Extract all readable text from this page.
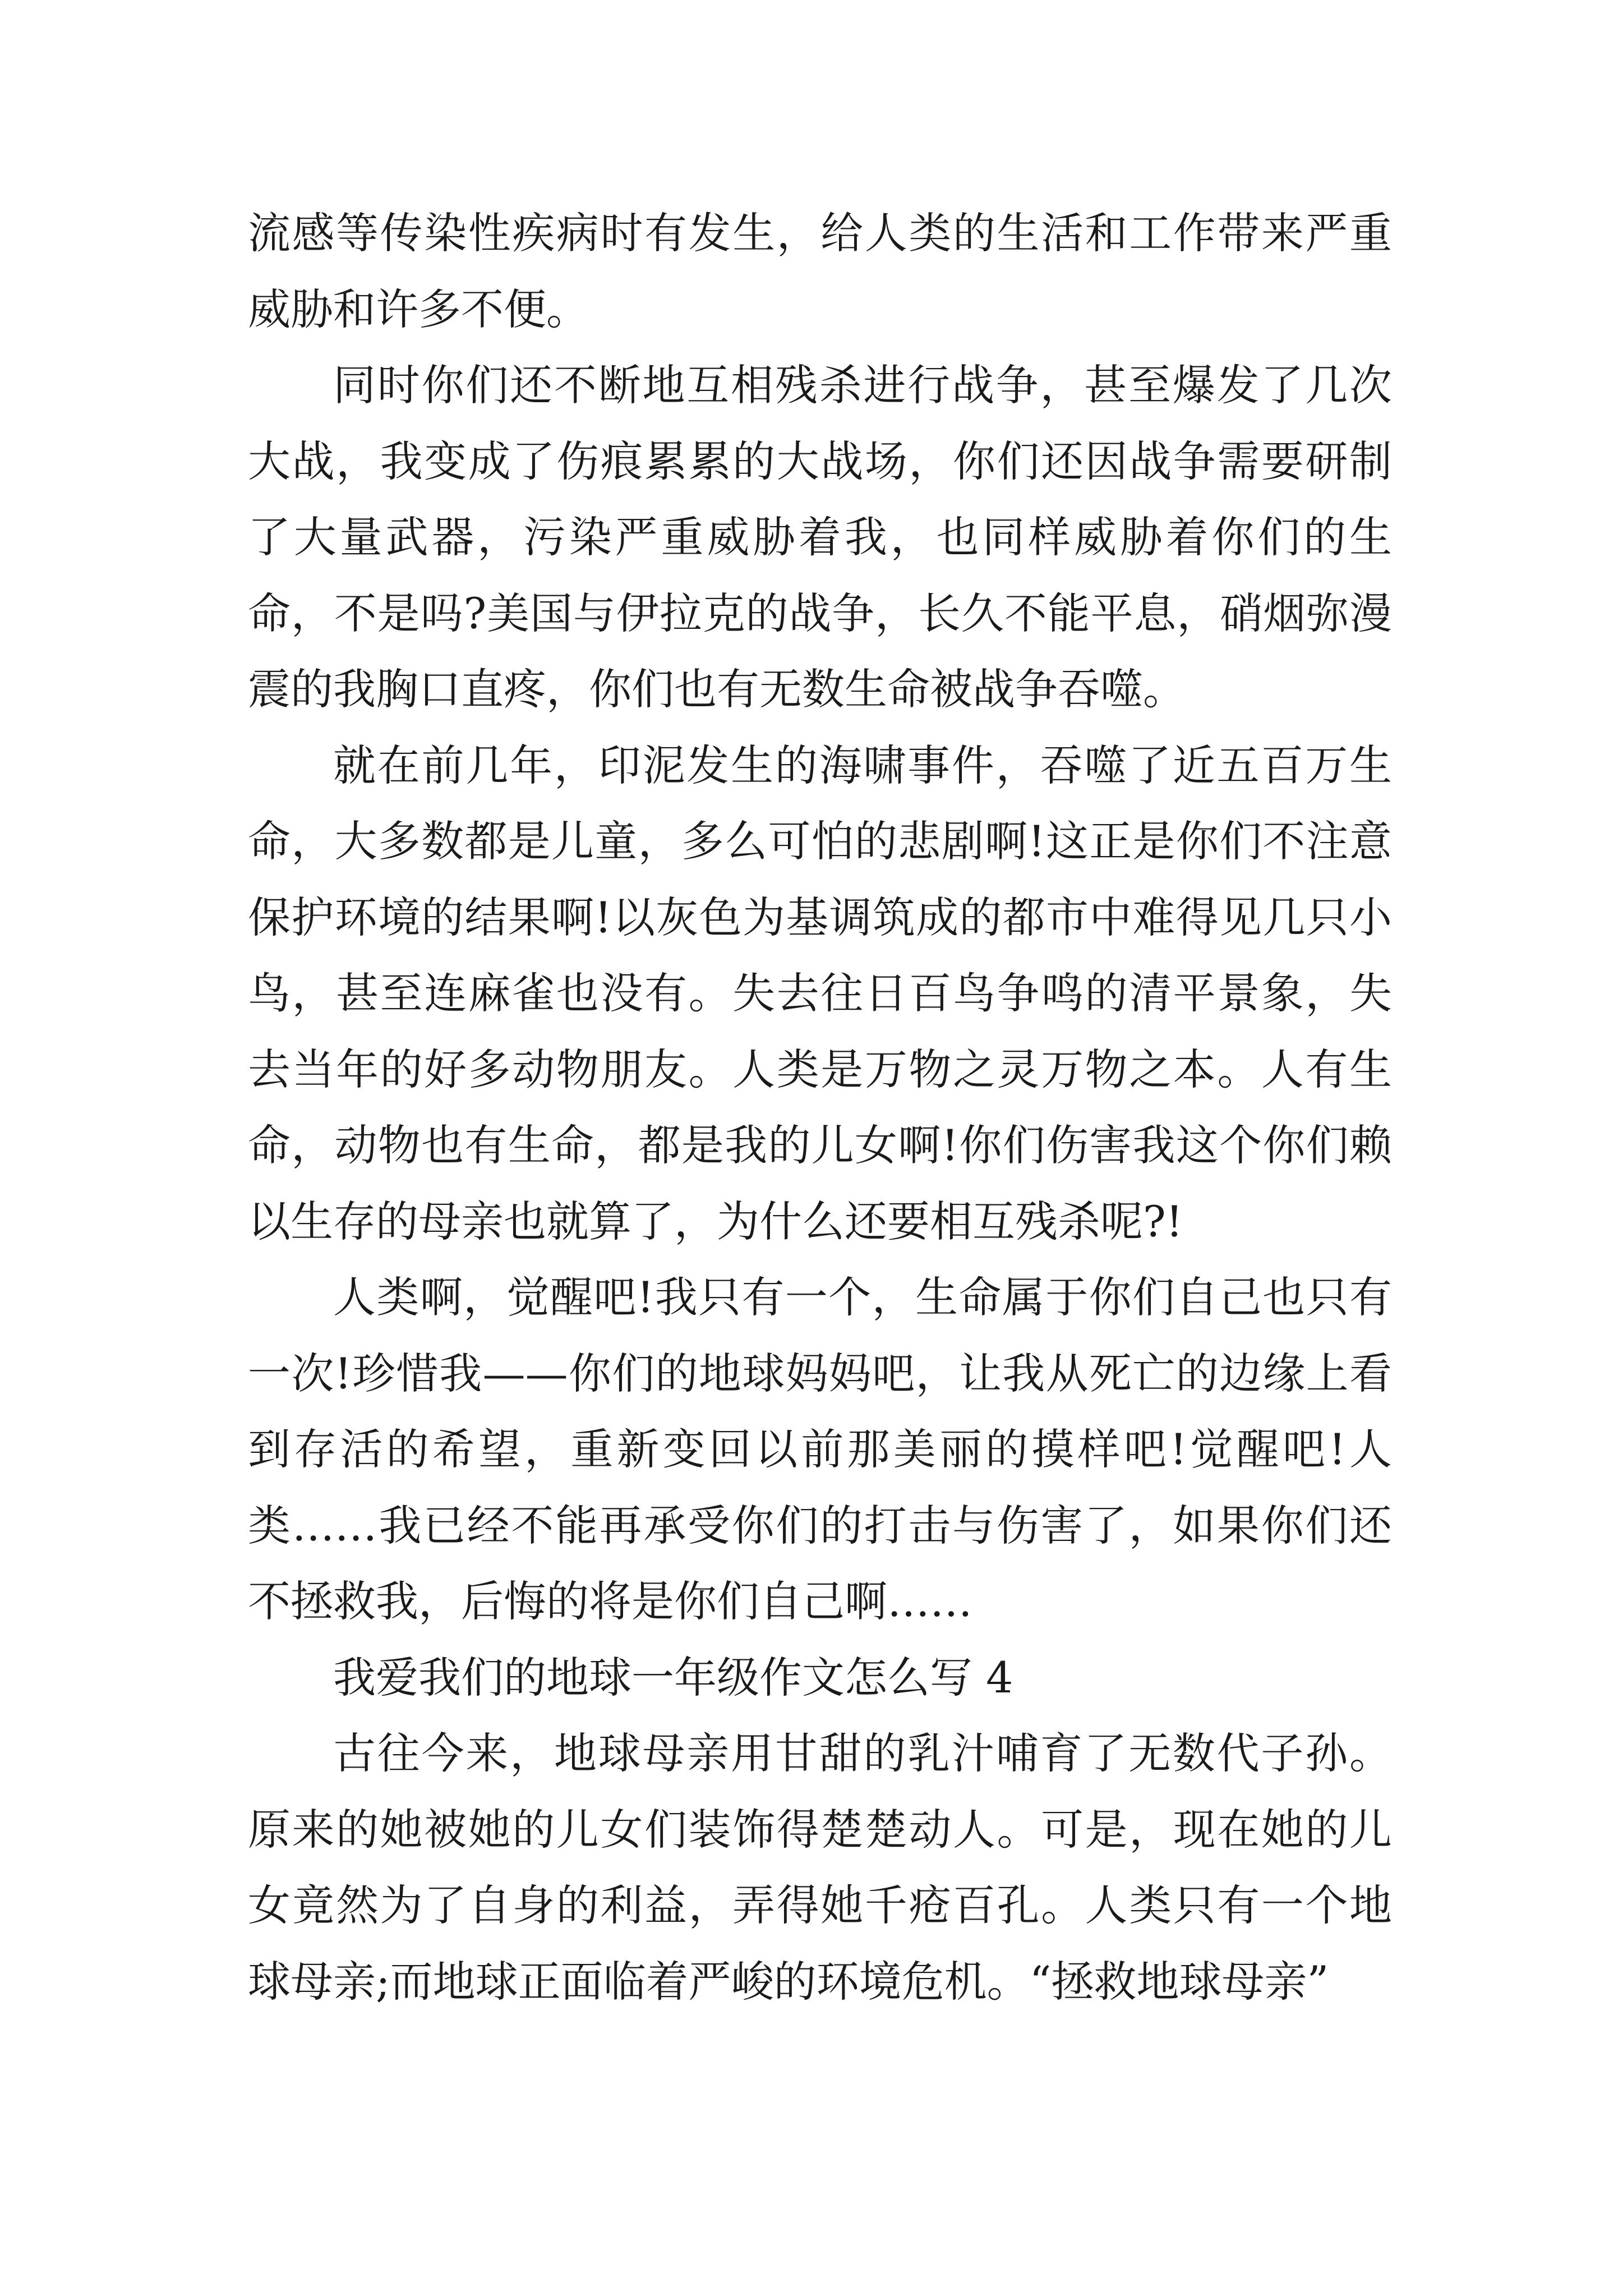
流感等传染性疾病时有发生，给人类的生活和工作带来严重威胁和许多不便。

同时你们还不断地互相残杀进行战争，甚至爆发了几次大战，我变成了伤痕累累的大战场，你们还因战争需要研制了大量武器，污染严重威胁着我，也同样威胁着你们的生命，不是吗?美国与伊拉克的战争，长久不能平息，硝烟弥漫震的我胸口直疼，你们也有无数生命被战争吞噬。

就在前几年，印泥发生的海啸事件，吞噬了近五百万生命，大多数都是儿童，多么可怕的悲剧啊!这正是你们不注意保护环境的结果啊!以灰色为基调筑成的都市中难得见几只小鸟，甚至连麻雀也没有。失去往日百鸟争鸣的清平景象，失去当年的好多动物朋友。人类是万物之灵万物之本。人有生命，动物也有生命，都是我的儿女啊!你们伤害我这个你们赖以生存的母亲也就算了，为什么还要相互残杀呢?!

人类啊，觉醒吧!我只有一个，生命属于你们自己也只有一次!珍惜我——你们的地球妈妈吧，让我从死亡的边缘上看到存活的希望，重新变回以前那美丽的摸样吧!觉醒吧!人类……我已经不能再承受你们的打击与伤害了，如果你们还不拯救我，后悔的将是你们自己啊……

我爱我们的地球一年级作文怎么写 4

古往今来，地球母亲用甘甜的乳汁哺育了无数代子孙。原来的她被她的儿女们装饰得楚楚动人。可是，现在她的儿女竟然为了自身的利益，弄得她千疮百孔。人类只有一个地球母亲;而地球正面临着严峻的环境危机。“拯救地球母亲”
